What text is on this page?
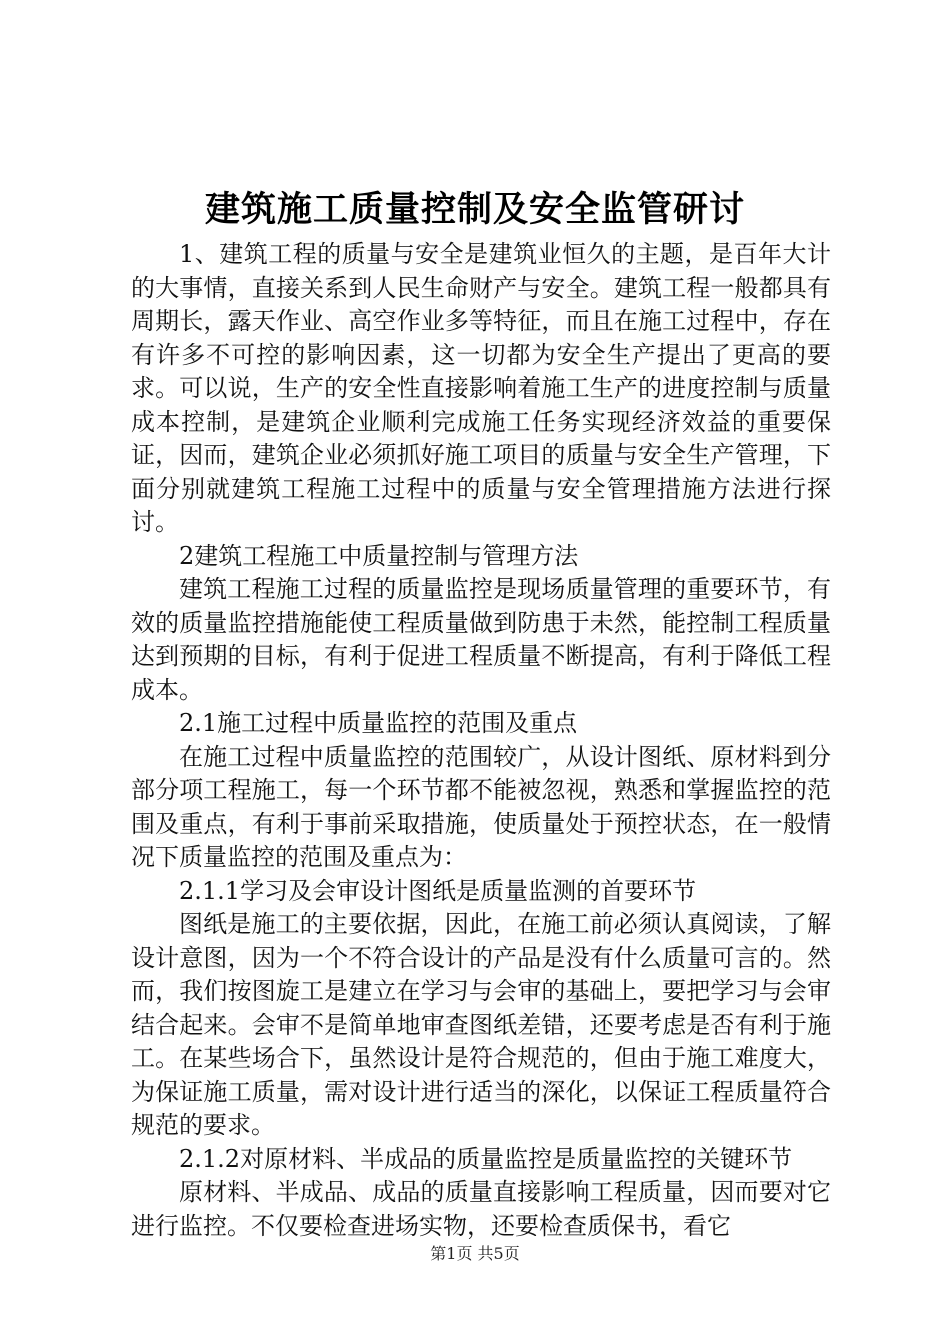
建筑施工质量控制及安全监管研讨

1、建筑工程的质量与安全是建筑业恒久的主题，是百年大计的大事情，直接关系到人民生命财产与安全。建筑工程一般都具有周期长，露天作业、高空作业多等特征，而且在施工过程中，存在有许多不可控的影响因素，这一切都为安全生产提出了更高的要求。可以说，生产的安全性直接影响着施工生产的进度控制与质量成本控制，是建筑企业顺利完成施工任务实现经济效益的重要保证，因而，建筑企业必须抓好施工项目的质量与安全生产管理，下面分别就建筑工程施工过程中的质量与安全管理措施方法进行探讨。

2建筑工程施工中质量控制与管理方法

建筑工程施工过程的质量监控是现场质量管理的重要环节，有效的质量监控措施能使工程质量做到防患于未然，能控制工程质量达到预期的目标，有利于促进工程质量不断提高，有利于降低工程成本。

2.1施工过程中质量监控的范围及重点

在施工过程中质量监控的范围较广，从设计图纸、原材料到分部分项工程施工，每一个环节都不能被忽视，熟悉和掌握监控的范围及重点，有利于事前采取措施，使质量处于预控状态，在一般情况下质量监控的范围及重点为：

2.1.1学习及会审设计图纸是质量监测的首要环节

图纸是施工的主要依据，因此，在施工前必须认真阅读，了解设计意图，因为一个不符合设计的产品是没有什么质量可言的。然而，我们按图旋工是建立在学习与会审的基础上，要把学习与会审结合起来。会审不是简单地审查图纸差错，还要考虑是否有利于施工。在某些场合下，虽然设计是符合规范的，但由于施工难度大，为保证施工质量，需对设计进行适当的深化，以保证工程质量符合规范的要求。

2.1.2对原材料、半成品的质量监控是质量监控的关键环节

原材料、半成品、成品的质量直接影响工程质量，因而要对它进行监控。不仅要检查进场实物，还要检查质保书，看它

第1页 共5页
